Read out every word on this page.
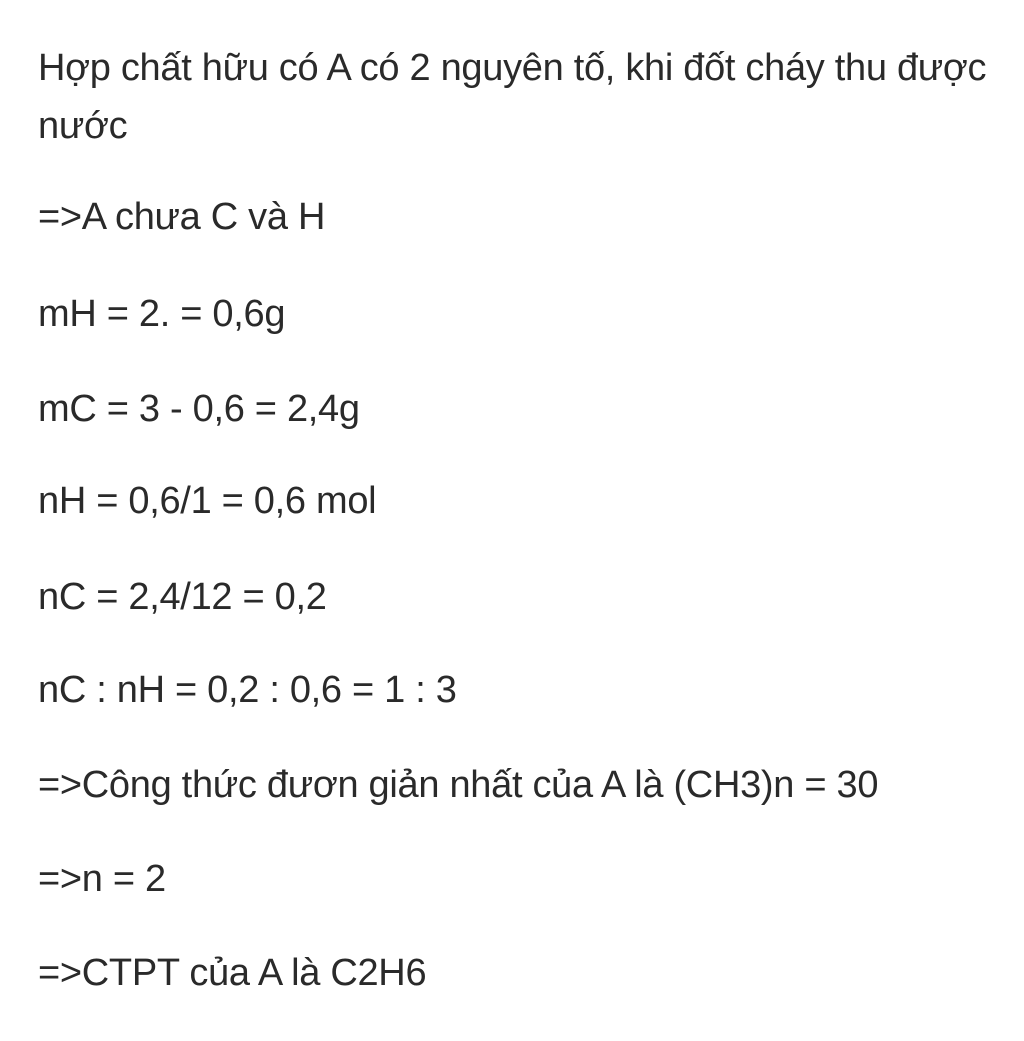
Hợp chất hữu có A có 2 nguyên tố, khi đốt cháy thu được nước

=>A chưa C và H

mH = 2. = 0,6g

mC = 3 - 0,6 = 2,4g

nH = 0,6/1 = 0,6 mol

nC = 2,4/12 = 0,2

nC : nH = 0,2 : 0,6 = 1 : 3

=>Công thức đươn giản nhất của A là (CH3)n = 30

=>n = 2

=>CTPT của A là C2H6
